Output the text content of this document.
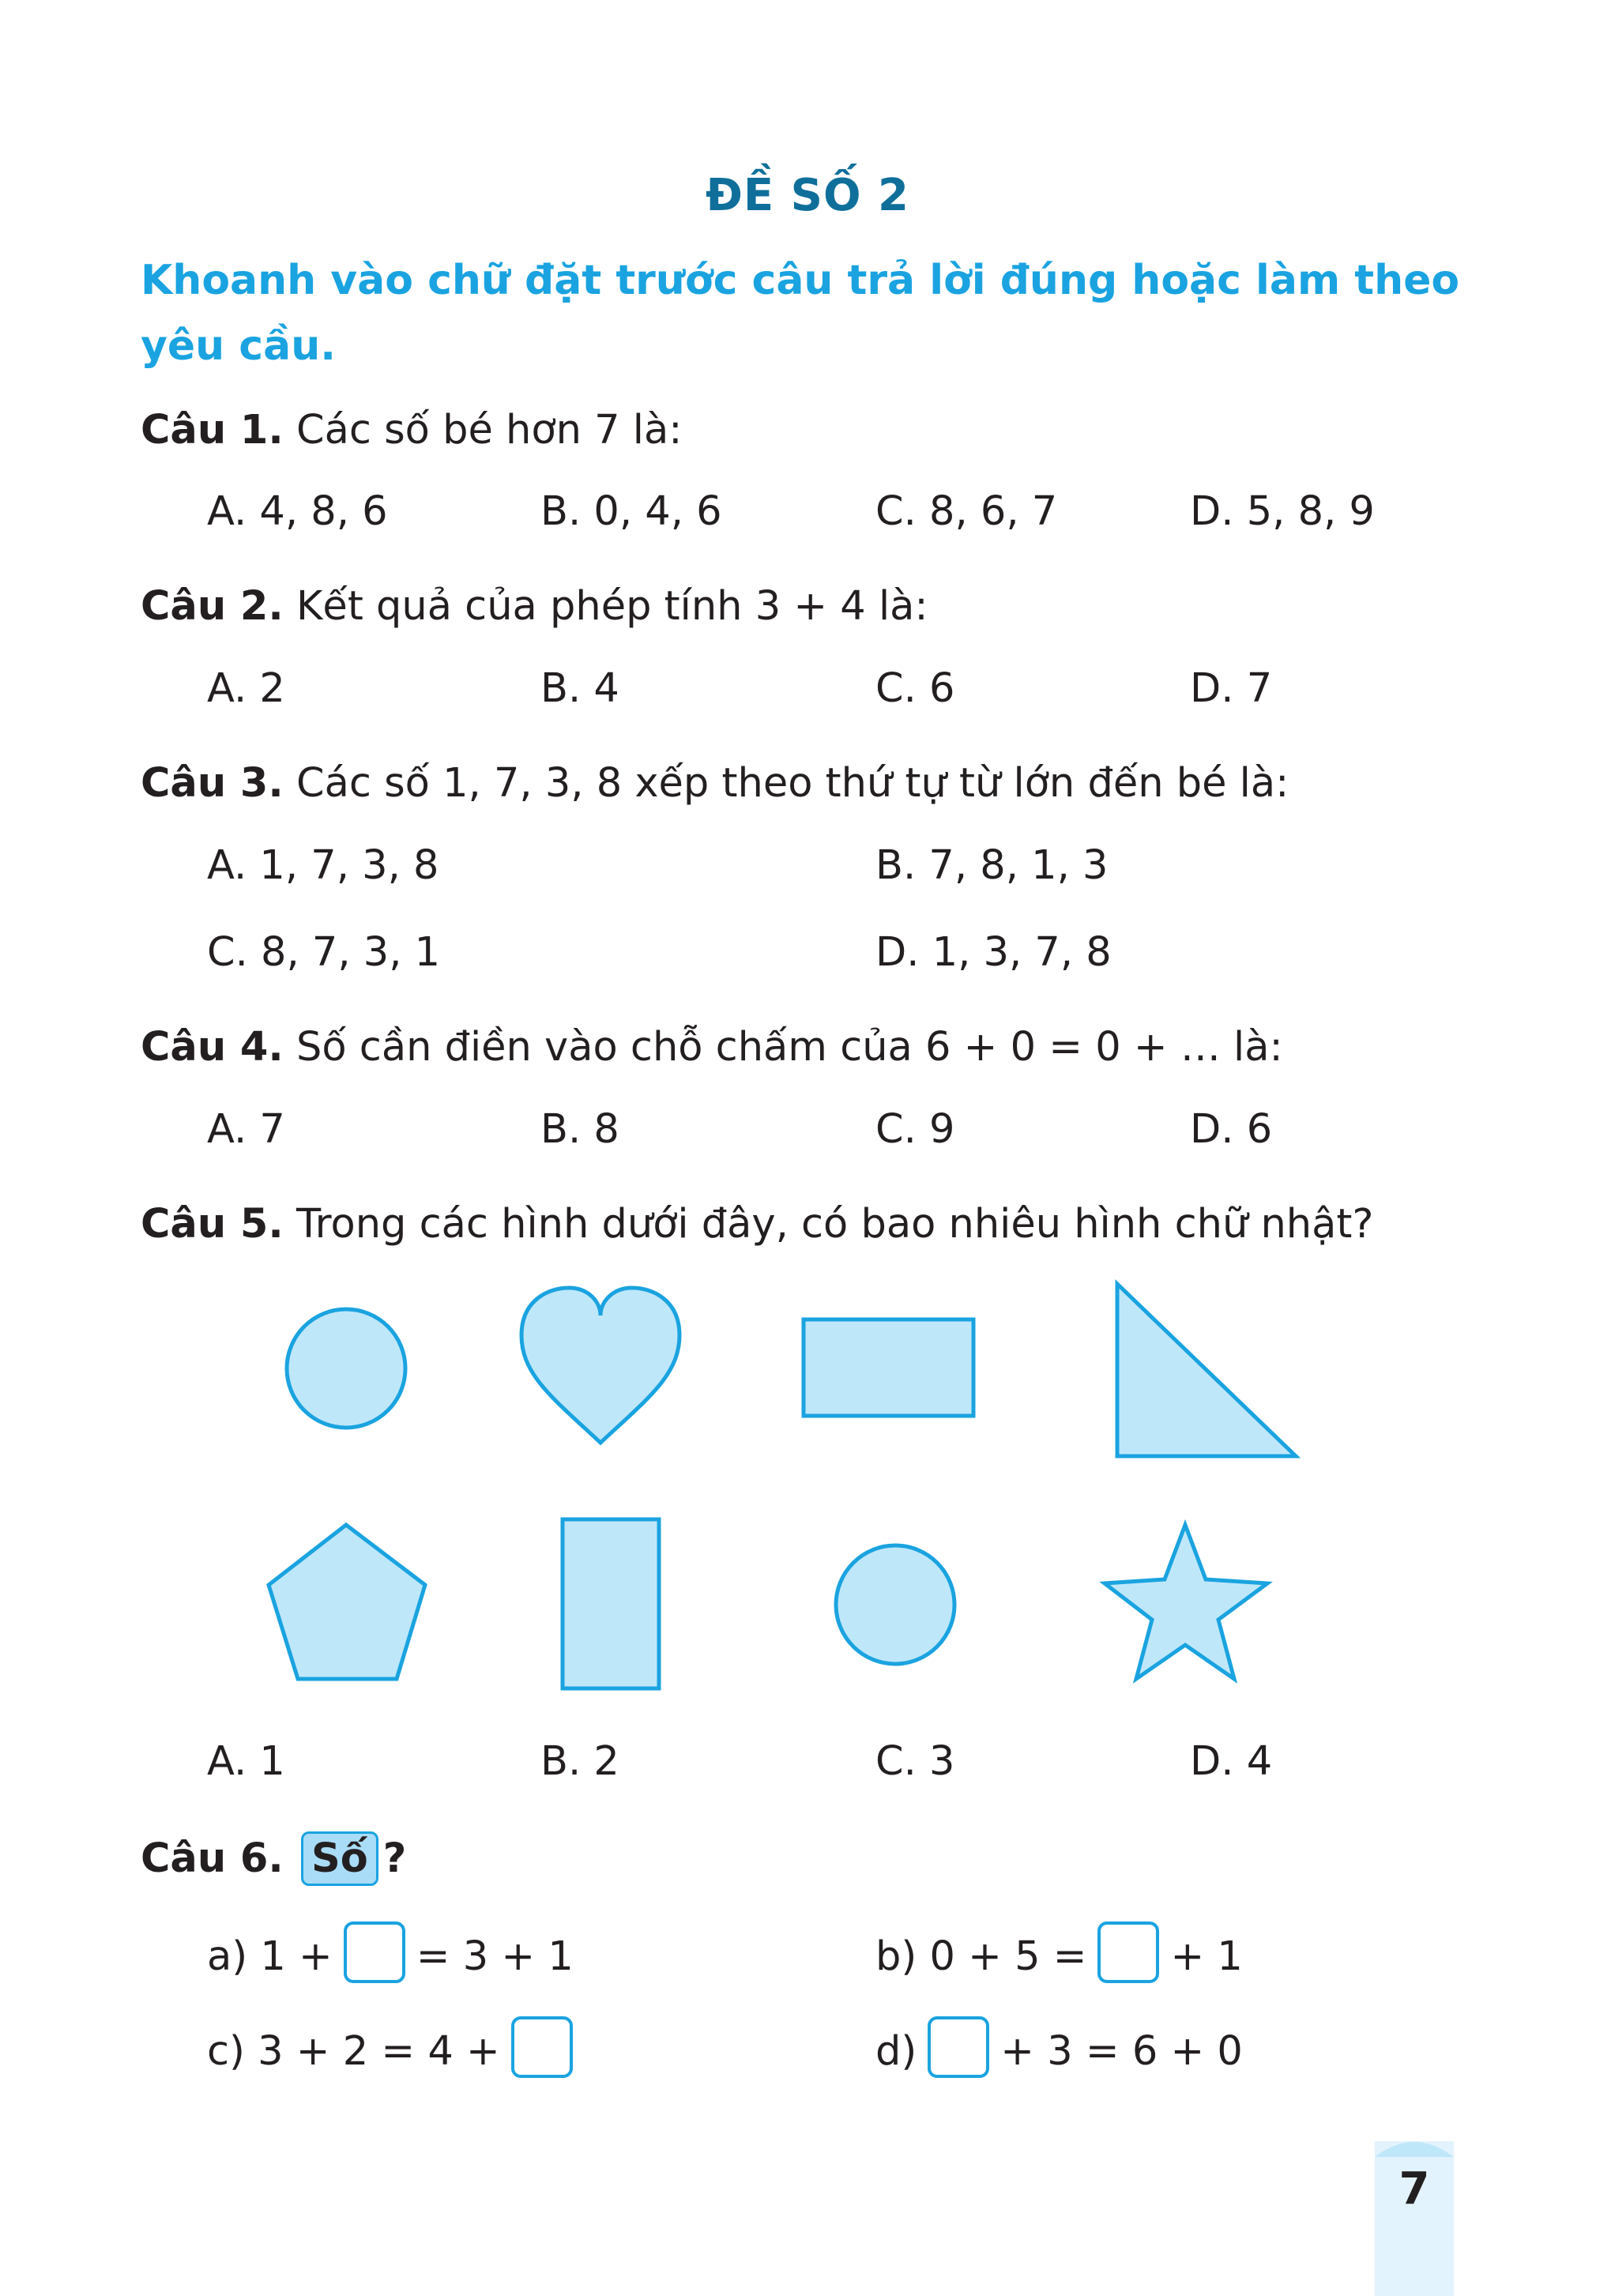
ĐỀ SỐ 2
Khoanh vào chữ đặt trước câu trả lời đúng hoặc làm theo
yêu cầu.
Câu 1. Các số bé hơn 7 là:
A. 4, 8, 6	B. 0, 4, 6	C. 8, 6, 7	D. 5, 8, 9
Câu 2. Kết quả của phép tính 3 + 4 là:
A. 2	B. 4	C. 6	D. 7
Câu 3. Các số 1, 7, 3, 8 xếp theo thứ tự từ lớn đến bé là:
A. 1, 7, 3, 8	B. 7, 8, 1, 3
C. 8, 7, 3, 1	D. 1, 3, 7, 8
Câu 4. Số cần điền vào chỗ chấm của 6 + 0 = 0 + … là:
A. 7	B. 8	C. 9	D. 6
Câu 5. Trong các hình dưới đây, có bao nhiêu hình chữ nhật?
A. 1	B. 2	C. 3	D. 4
Câu 6. Số ?
a) 1 + = 3 + 1	b) 0 + 5 = + 1
c) 3 + 2 = 4 +	d) + 3 = 6 + 0
7
